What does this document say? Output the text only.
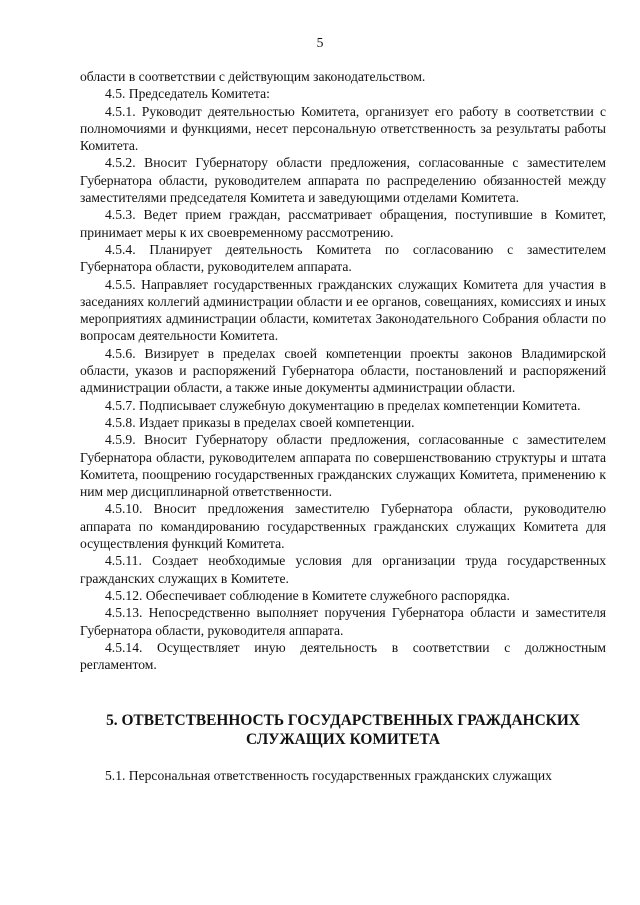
5

области в соответствии с действующим законодательством.

4.5. Председатель Комитета:

4.5.1. Руководит деятельностью Комитета, организует его работу в соответствии с полномочиями и функциями, несет персональную ответственность за результаты работы Комитета.

4.5.2. Вносит Губернатору области предложения, согласованные с заместителем Губернатора области, руководителем аппарата по распределению обязанностей между заместителями председателя Комитета и заведующими отделами Комитета.

4.5.3. Ведет прием граждан, рассматривает обращения, поступившие в Комитет, принимает меры к их своевременному рассмотрению.

4.5.4. Планирует деятельность Комитета по согласованию с заместителем Губернатора области, руководителем аппарата.

4.5.5. Направляет государственных гражданских служащих Комитета для участия в заседаниях коллегий администрации области и ее органов, совещаниях, комиссиях и иных мероприятиях администрации области, комитетах Законодательного Собрания области по вопросам деятельности Комитета.

4.5.6. Визирует в пределах своей компетенции проекты законов Владимирской области, указов и распоряжений Губернатора области, постановлений и распоряжений администрации области, а также иные документы администрации области.

4.5.7. Подписывает служебную документацию в пределах компетенции Комитета.

4.5.8. Издает приказы в пределах своей компетенции.

4.5.9. Вносит Губернатору области предложения, согласованные с заместителем Губернатора области, руководителем аппарата по совершенствованию структуры и штата Комитета, поощрению государственных гражданских служащих Комитета, применению к ним мер дисциплинарной ответственности.

4.5.10. Вносит предложения заместителю Губернатора области, руководителю аппарата по командированию государственных гражданских служащих Комитета для осуществления функций Комитета.

4.5.11. Создает необходимые условия для организации труда государственных гражданских служащих в Комитете.

4.5.12. Обеспечивает соблюдение в Комитете служебного распорядка.

4.5.13. Непосредственно выполняет поручения Губернатора области и заместителя Губернатора области, руководителя аппарата.

4.5.14. Осуществляет иную деятельность в соответствии с должностным регламентом.

5. ОТВЕТСТВЕННОСТЬ ГОСУДАРСТВЕННЫХ ГРАЖДАНСКИХ СЛУЖАЩИХ КОМИТЕТА

5.1. Персональная ответственность государственных гражданских служащих
